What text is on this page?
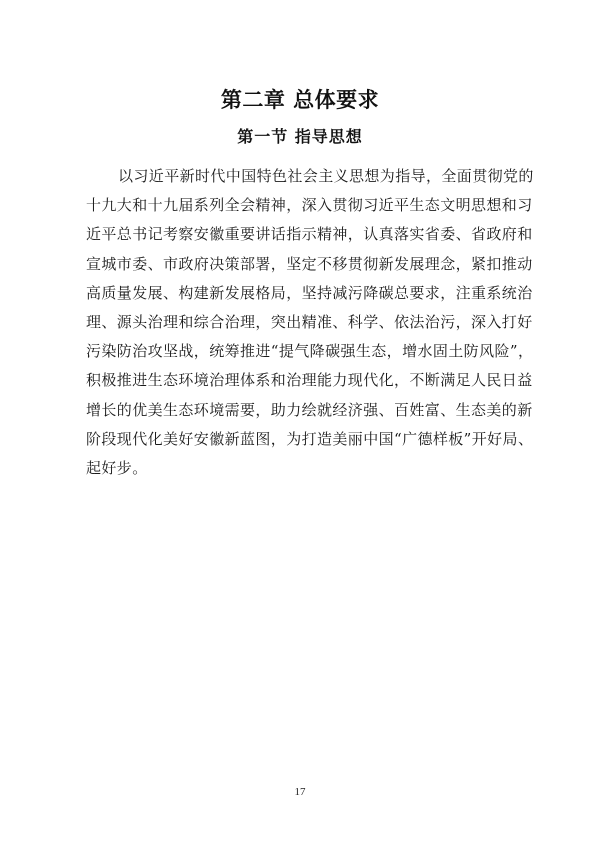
第二章 总体要求
第一节 指导思想
以习近平新时代中国特色社会主义思想为指导，全面贯彻党的
十九大和十九届系列全会精神，深入贯彻习近平生态文明思想和习
近平总书记考察安徽重要讲话指示精神，认真落实省委、省政府和
宣城市委、市政府决策部署，坚定不移贯彻新发展理念，紧扣推动
高质量发展、构建新发展格局，坚持减污降碳总要求，注重系统治
理、源头治理和综合治理，突出精准、科学、依法治污，深入打好
污染防治攻坚战，统筹推进“提气降碳强生态，增水固土防风险”，
积极推进生态环境治理体系和治理能力现代化，不断满足人民日益
增长的优美生态环境需要，助力绘就经济强、百姓富、生态美的新
阶段现代化美好安徽新蓝图，为打造美丽中国“广德样板”开好局、
起好步。
17
